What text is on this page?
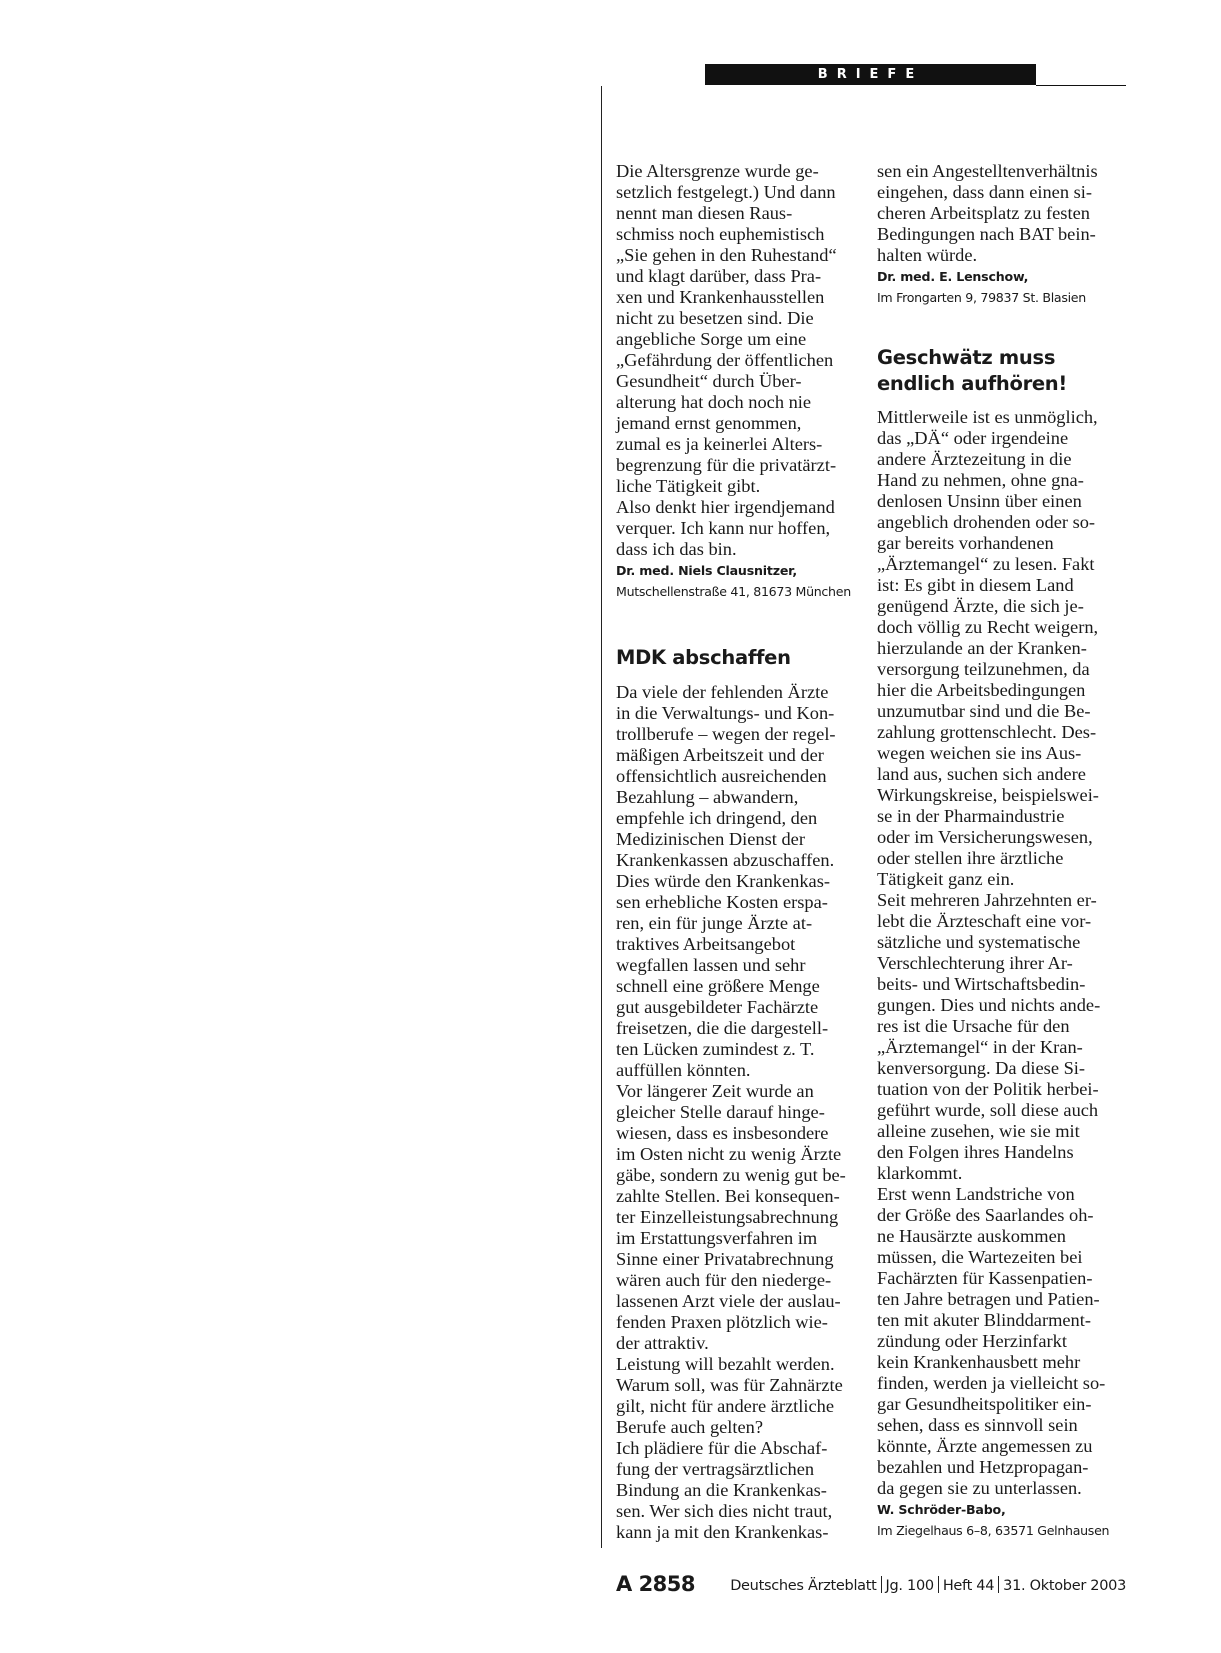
BRIEFE

Die Altersgrenze wurde ge-
setzlich festgelegt.) Und dann
nennt man diesen Raus-
schmiss noch euphemistisch
„Sie gehen in den Ruhestand“
und klagt darüber, dass Pra-
xen und Krankenhausstellen
nicht zu besetzen sind. Die
angebliche Sorge um eine
„Gefährdung der öffentlichen
Gesundheit“ durch Über-
alterung hat doch noch nie
jemand ernst genommen,
zumal es ja keinerlei Alters-
begrenzung für die privatärzt-
liche Tätigkeit gibt.
Also denkt hier irgendjemand
verquer. Ich kann nur hoffen,
dass ich das bin.

Dr. med. Niels Clausnitzer,
Mutschellenstraße 41, 81673 München
MDK abschaffen

Da viele der fehlenden Ärzte
in die Verwaltungs- und Kon-
trollberufe – wegen der regel-
mäßigen Arbeitszeit und der
offensichtlich ausreichenden
Bezahlung – abwandern,
empfehle ich dringend, den
Medizinischen Dienst der
Krankenkassen abzuschaffen.
Dies würde den Krankenkas-
sen erhebliche Kosten erspa-
ren, ein für junge Ärzte at-
traktives Arbeitsangebot
wegfallen lassen und sehr
schnell eine größere Menge
gut ausgebildeter Fachärzte
freisetzen, die die dargestell-
ten Lücken zumindest z. T.
auffüllen könnten.
Vor längerer Zeit wurde an
gleicher Stelle darauf hinge-
wiesen, dass es insbesondere
im Osten nicht zu wenig Ärzte
gäbe, sondern zu wenig gut be-
zahlte Stellen. Bei konsequen-
ter Einzelleistungsabrechnung
im Erstattungsverfahren im
Sinne einer Privatabrechnung
wären auch für den niederge-
lassenen Arzt viele der auslau-
fenden Praxen plötzlich wie-
der attraktiv.
Leistung will bezahlt werden.
Warum soll, was für Zahnärzte
gilt, nicht für andere ärztliche
Berufe auch gelten?
Ich plädiere für die Abschaf-
fung der vertragsärztlichen
Bindung an die Krankenkas-
sen. Wer sich dies nicht traut,
kann ja mit den Krankenkas-

sen ein Angestelltenverhältnis
eingehen, dass dann einen si-
cheren Arbeitsplatz zu festen
Bedingungen nach BAT bein-
halten würde.

Dr. med. E. Lenschow,
Im Frongarten 9, 79837 St. Blasien
Geschwätz muss
endlich aufhören!

Mittlerweile ist es unmöglich,
das „DÄ“ oder irgendeine
andere Ärztezeitung in die
Hand zu nehmen, ohne gna-
denlosen Unsinn über einen
angeblich drohenden oder so-
gar bereits vorhandenen
„Ärztemangel“ zu lesen. Fakt
ist: Es gibt in diesem Land
genügend Ärzte, die sich je-
doch völlig zu Recht weigern,
hierzulande an der Kranken-
versorgung teilzunehmen, da
hier die Arbeitsbedingungen
unzumutbar sind und die Be-
zahlung grottenschlecht. Des-
wegen weichen sie ins Aus-
land aus, suchen sich andere
Wirkungskreise, beispielswei-
se in der Pharmaindustrie
oder im Versicherungswesen,
oder stellen ihre ärztliche
Tätigkeit ganz ein.
Seit mehreren Jahrzehnten er-
lebt die Ärzteschaft eine vor-
sätzliche und systematische
Verschlechterung ihrer Ar-
beits- und Wirtschaftsbedin-
gungen. Dies und nichts ande-
res ist die Ursache für den
„Ärztemangel“ in der Kran-
kenversorgung. Da diese Si-
tuation von der Politik herbei-
geführt wurde, soll diese auch
alleine zusehen, wie sie mit
den Folgen ihres Handelns
klarkommt.
Erst wenn Landstriche von
der Größe des Saarlandes oh-
ne Hausärzte auskommen
müssen, die Wartezeiten bei
Fachärzten für Kassenpatien-
ten Jahre betragen und Patien-
ten mit akuter Blinddarment-
zündung oder Herzinfarkt
kein Krankenhausbett mehr
finden, werden ja vielleicht so-
gar Gesundheitspolitiker ein-
sehen, dass es sinnvoll sein
könnte, Ärzte angemessen zu
bezahlen und Hetzpropagan-
da gegen sie zu unterlassen.

W. Schröder-Babo,
Im Ziegelhaus 6–8, 63571 Gelnhausen
A 2858 Deutsches Ärzteblatt Jg. 100 Heft 44 31. Oktober 2003
